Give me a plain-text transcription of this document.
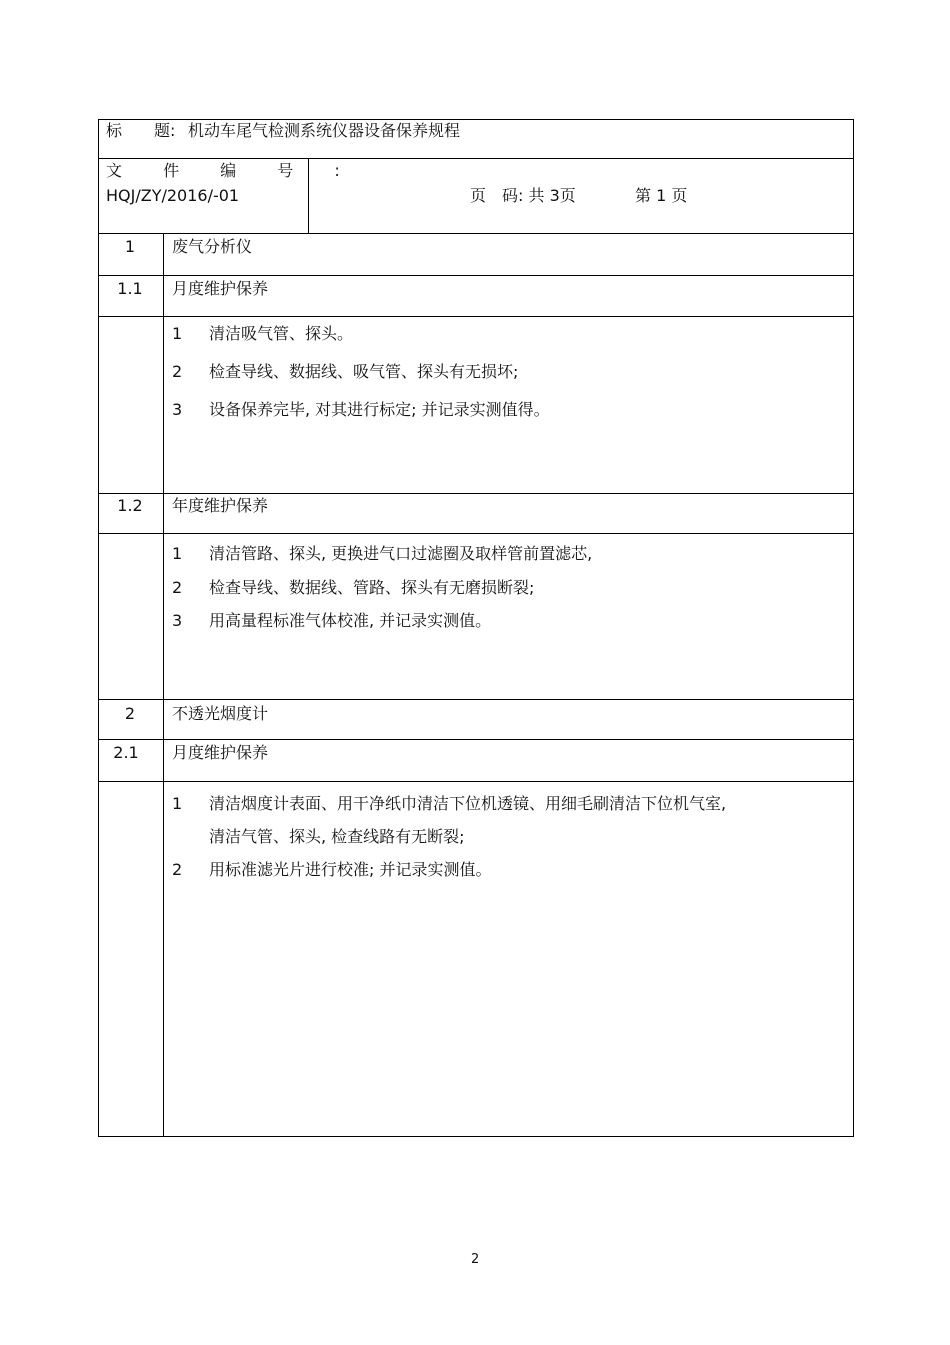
标　　题: 机动车尾气检测系统仪器设备保养规程
文 件 编 号 :
HQJ/ZY/2016/-01	页　码: 共 3页	第 1 页
1	废气分析仪
1.1	月度维护保养
1 清洁吸气管、探头。
2 检查导线、数据线、吸气管、探头有无损坏;
3 设备保养完毕, 对其进行标定; 并记录实测值得。
1.2	年度维护保养
1 清洁管路、探头, 更换进气口过滤圈及取样管前置滤芯,
2 检查导线、数据线、管路、探头有无磨损断裂;
3 用高量程标准气体校准, 并记录实测值。
2	不透光烟度计
2.1	月度维护保养
1 清洁烟度计表面、用干净纸巾清洁下位机透镜、用细毛刷清洁下位机气室,
清洁气管、探头, 检查线路有无断裂;
2 用标准滤光片进行校准; 并记录实测值。
2
